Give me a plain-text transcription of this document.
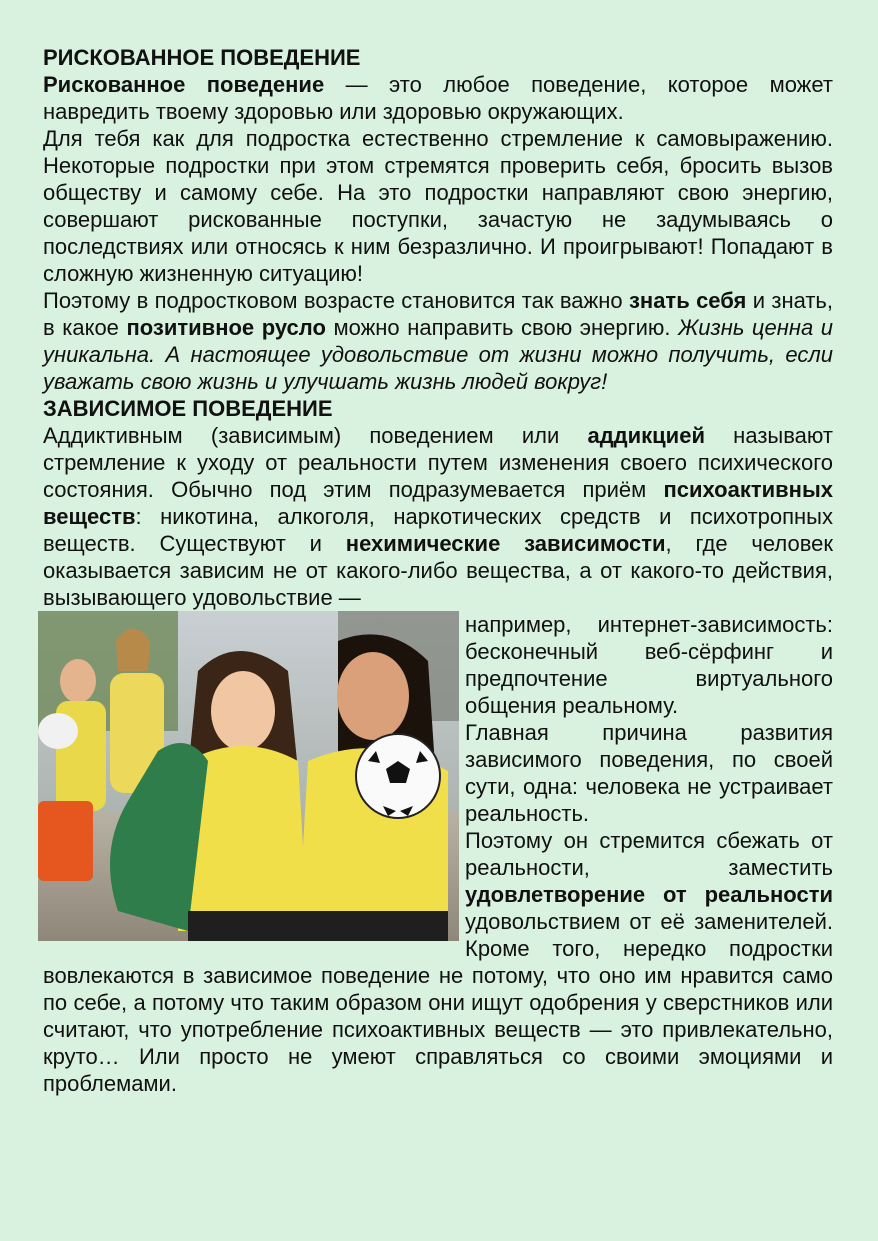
РИСКОВАННОЕ ПОВЕДЕНИЕ

Рискованное поведение — это любое поведение, которое может навредить твоему здоровью или здоровью окружающих.

Для тебя как для подростка естественно стремление к самовыражению. Некоторые подростки при этом стремятся проверить себя, бросить вызов обществу и самому себе. На это подростки направляют свою энергию, совершают рискованные поступки, зачастую не задумываясь о последствиях или относясь к ним безразлично. И проигрывают! Попадают в сложную жизненную ситуацию!

Поэтому в подростковом возрасте становится так важно знать себя и знать, в какое позитивное русло можно направить свою энергию. Жизнь ценна и уникальна. А настоящее удовольствие от жизни можно получить, если уважать свою жизнь и улучшать жизнь людей вокруг!

ЗАВИСИМОЕ ПОВЕДЕНИЕ

Аддиктивным (зависимым) поведением или аддикцией называют стремление к уходу от реальности путем изменения своего психического состояния. Обычно под этим подразумевается приём психоактивных веществ: никотина, алкоголя, наркотических средств и психотропных веществ. Существуют и нехимические зависимости, где человек оказывается зависим не от какого-либо вещества, а от какого-то действия, вызывающего удовольствие —

например, интернет-зависимость: бесконечный веб-сёрфинг и предпочтение виртуального общения реальному.

Главная причина развития зависимого поведения, по своей сути, одна: человека не устраивает реальность.

Поэтому он стремится сбежать от реальности, заместить удовлетворение от реальности удовольствием от её заменителей. Кроме того, нередко подростки вовлекаются в зависимое поведение не потому, что оно им нравится само по себе, а потому что таким образом они ищут одобрения у сверстников или считают, что употребление психоактивных веществ — это привлекательно, круто… Или просто не умеют справляться со своими эмоциями и проблемами.
